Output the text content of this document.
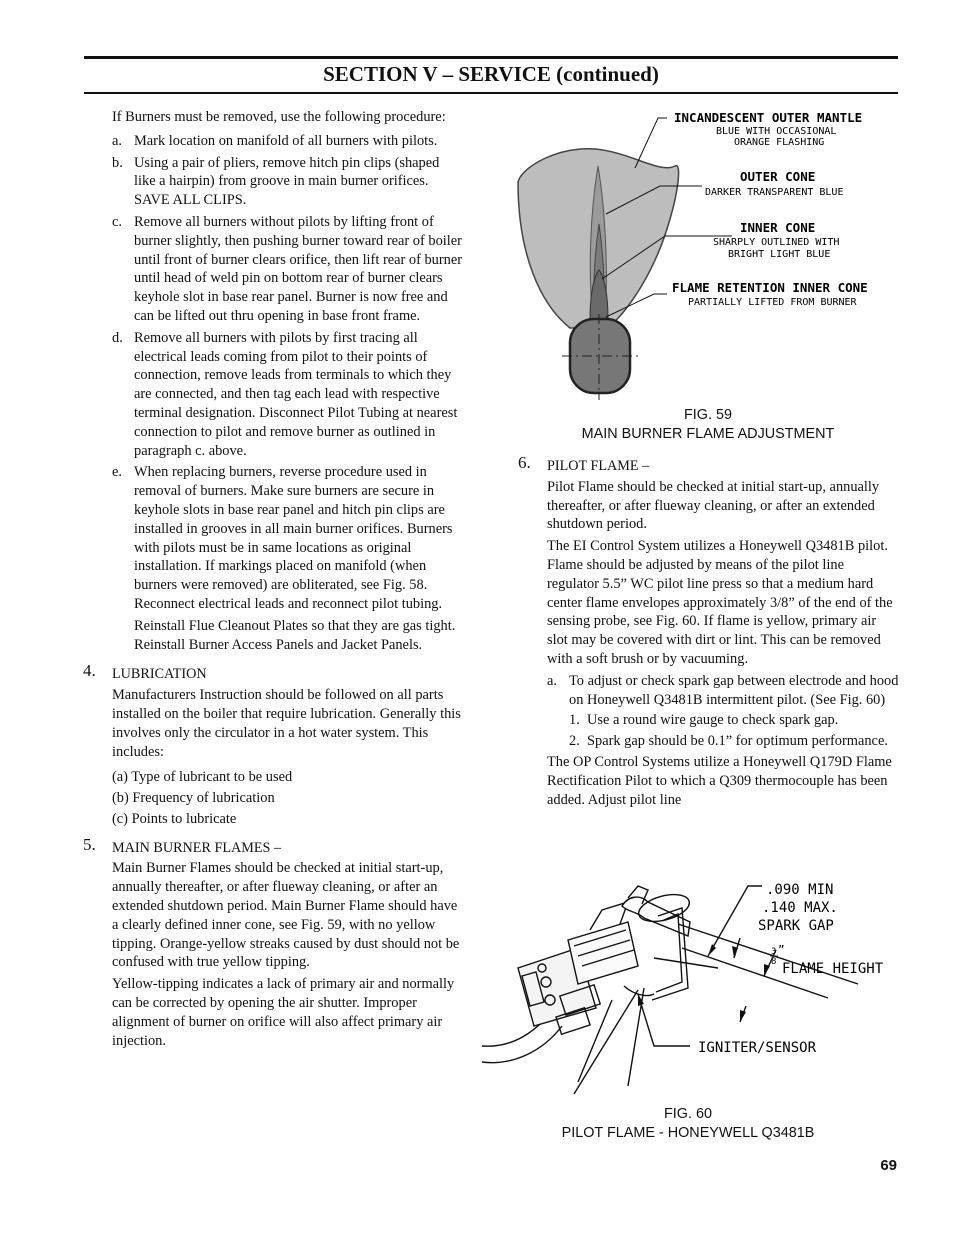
SECTION V – SERVICE (continued)

If Burners must be removed, use the following procedure:

a. Mark location on manifold of all burners with pilots.

b. Using a pair of pliers, remove hitch pin clips (shaped like a hairpin) from groove in main burner orifices. SAVE ALL CLIPS.

c. Remove all burners without pilots by lifting front of burner slightly, then pushing burner toward rear of boiler until front of burner clears orifice, then lift rear of burner until head of weld pin on bottom rear of burner clears keyhole slot in base rear panel. Burner is now free and can be lifted out thru opening in base front frame.

d. Remove all burners with pilots by first tracing all electrical leads coming from pilot to their points of connection, remove leads from terminals to which they are connected, and then tag each lead with respective terminal designation. Disconnect Pilot Tubing at nearest connection to pilot and remove burner as outlined in paragraph c. above.

e. When replacing burners, reverse procedure used in removal of burners. Make sure burners are secure in keyhole slots in base rear panel and hitch pin clips are installed in grooves in all main burner orifices. Burners with pilots must be in same locations as original installation. If markings placed on manifold (when burners were removed) are obliterated, see Fig. 58. Reconnect electrical leads and reconnect pilot tubing.

Reinstall Flue Cleanout Plates so that they are gas tight. Reinstall Burner Access Panels and Jacket Panels.

4. LUBRICATION

Manufacturers Instruction should be followed on all parts installed on the boiler that require lubrication. Generally this involves only the circulator in a hot water system. This includes:

(a) Type of lubricant to be used

(b) Frequency of lubrication

(c) Points to lubricate

5. MAIN BURNER FLAMES –

Main Burner Flames should be checked at initial start-up, annually thereafter, or after flueway cleaning, or after an extended shutdown period. Main Burner Flame should have a clearly defined inner cone, see Fig. 59, with no yellow tipping. Orange-yellow streaks caused by dust should not be confused with true yellow tipping.

Yellow-tipping indicates a lack of primary air and normally can be corrected by opening the air shutter. Improper alignment of burner on orifice will also affect primary air injection.

INCANDESCENT OUTER MANTLE
BLUE WITH OCCASIONAL
ORANGE FLASHING
OUTER CONE
DARKER TRANSPARENT BLUE
INNER CONE
SHARPLY OUTLINED WITH
BRIGHT LIGHT BLUE
FLAME RETENTION INNER CONE
PARTIALLY LIFTED FROM BURNER
FIG. 59
MAIN BURNER FLAME ADJUSTMENT

6. PILOT FLAME –

Pilot Flame should be checked at initial start-up, annually thereafter, or after flueway cleaning, or after an extended shutdown period.

The EI Control System utilizes a Honeywell Q3481B pilot. Flame should be adjusted by means of the pilot line regulator 5.5” WC pilot line press so that a medium hard center flame envelopes approximately 3/8” of the end of the sensing probe, see Fig. 60. If flame is yellow, primary air slot may be covered with dirt or lint. This can be removed with a soft brush or by vacuuming.

a. To adjust or check spark gap between electrode and hood on Honeywell Q3481B intermittent pilot. (See Fig. 60)

1. Use a round wire gauge to check spark gap.

2. Spark gap should be 0.1” for optimum performance.

The OP Control Systems utilize a Honeywell Q179D Flame Rectification Pilot to which a Q309 thermocouple has been added. Adjust pilot line

.090 MIN
.140 MAX.
SPARK GAP
3
8
”
FLAME HEIGHT
IGNITER/SENSOR
FIG. 60
PILOT FLAME - HONEYWELL Q3481B
69
